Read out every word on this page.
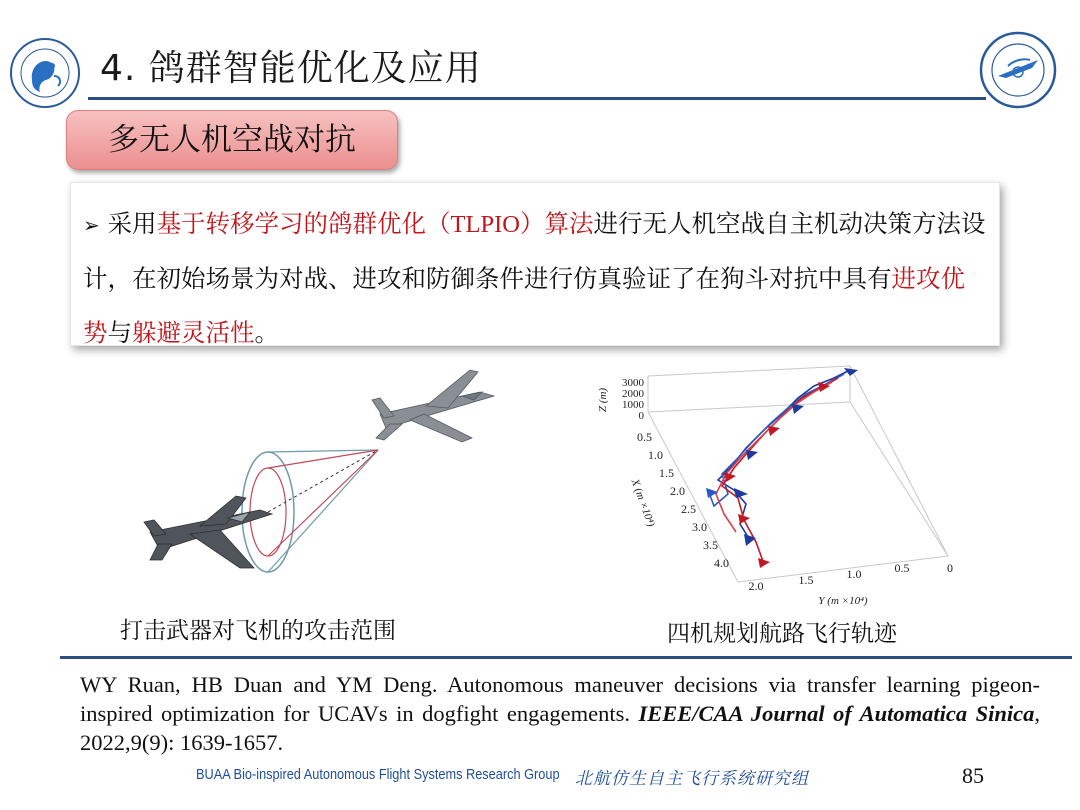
4. 鸽群智能优化及应用
多无人机空战对抗
➢ 采用基于转移学习的鸽群优化（TLPIO）算法进行无人机空战自主机动决策方法设计，在初始场景为对战、进攻和防御条件进行仿真验证了在狗斗对抗中具有进攻优势与躲避灵活性。
3000
2000
1000
0
Z (m)
0.5
1.0
1.5
2.0
2.5
3.0
3.5
4.0
X (m ×10⁴)
2.0	1.5	1.0	0.5	0
Y (m ×10⁴)
打击武器对飞机的攻击范围	四机规划航路飞行轨迹
WY Ruan, HB Duan and YM Deng. Autonomous maneuver decisions via transfer learning pigeon-inspired optimization for UCAVs in dogfight engagements. IEEE/CAA Journal of Automatica Sinica, 2022,9(9): 1639-1657.
BUAA Bio-inspired Autonomous Flight Systems Research Group 北航仿生自主飞行系统研究组	85
